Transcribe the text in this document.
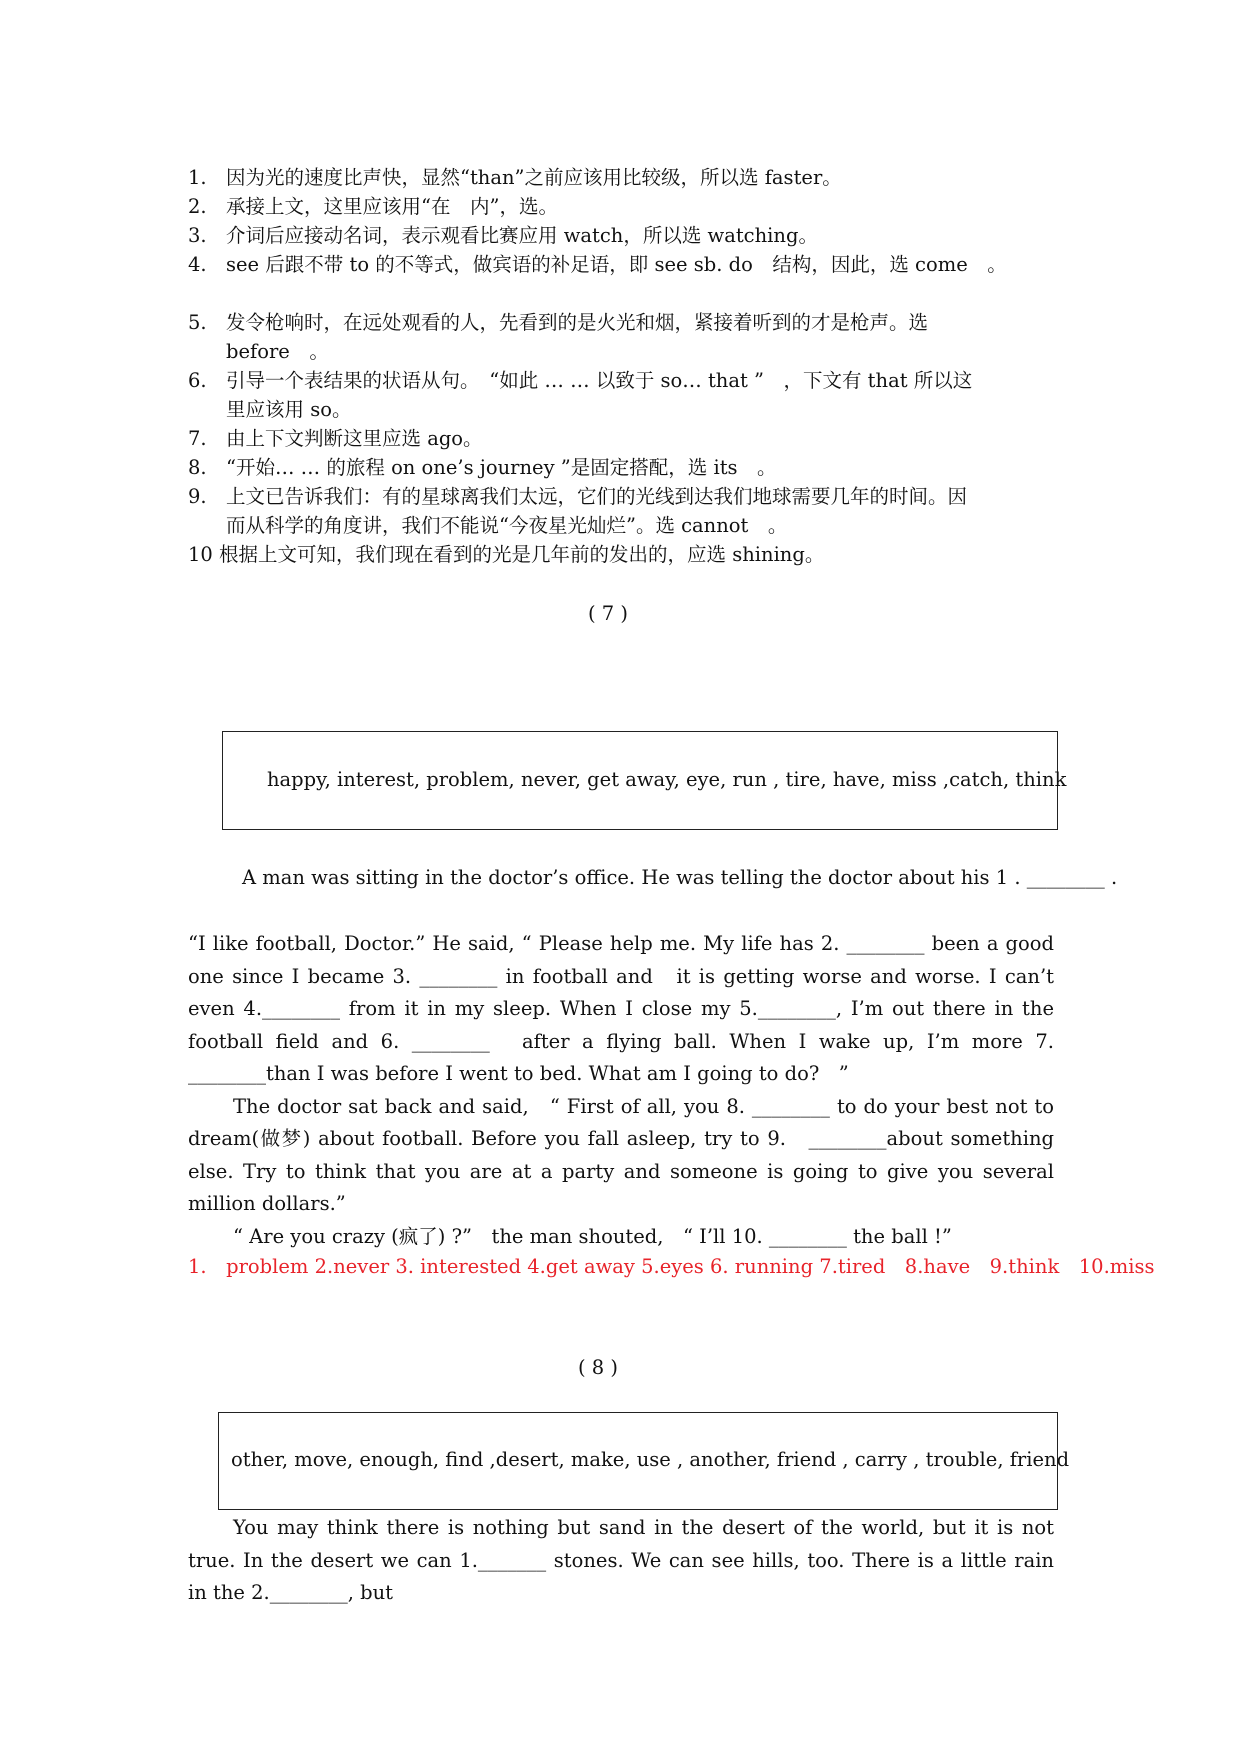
1. 因为光的速度比声快，显然“than”之前应该用比较级，所以选 faster。
2. 承接上文，这里应该用“在　内”，选。
3. 介词后应接动名词，表示观看比赛应用 watch，所以选 watching。
4. see 后跟不带 to 的不等式，做宾语的补足语，即 see sb. do　结构，因此，选 come　。
5. 发令枪响时，在远处观看的人，先看到的是火光和烟，紧接着听到的才是枪声。选
before　。
6. 引导一个表结果的状语从句。　“如此 … … 以致于 so… that ”　，下文有 that 所以这
里应该用 so。
7. 由上下文判断这里应选 ago。
8. “开始… … 的旅程 on one’s journey ”是固定搭配，选 its　。
9. 上文已告诉我们：有的星球离我们太远，它们的光线到达我们地球需要几年的时间。因
而从科学的角度讲，我们不能说“今夜星光灿烂”。选 cannot　。
10 根据上文可知，我们现在看到的光是几年前的发出的，应选 shining。
( 7 )
happy, interest, problem, never, get away, eye, run , tire, have, miss ,catch, think
A man was sitting in the doctor’s office. He was telling the doctor about his 1 . ________ .

“I like football, Doctor.” He said, “ Please help me. My life has 2. ________ been a good one since I became 3. ________ in football and　it is getting worse and worse. I can’t even 4.________ from it in my sleep. When I close my 5.________, I’m out there in the football field and 6. ________　after a flying ball. When I wake up, I’m more 7. ________than I was before I went to bed. What am I going to do?　”

The doctor sat back and said,　“ First of all, you 8. ________ to do your best not to dream(做梦) about football. Before you fall asleep, try to 9.　________about something else. Try to think that you are at a party and someone is going to give you several million dollars.”

“ Are you crazy (疯了) ?”　the man shouted,　“ I’ll 10. ________ the ball !”

1.　problem 2.never 3. interested 4.get away 5.eyes 6. running 7.tired　8.have　9.think　10.miss
( 8 )
other, move, enough, find ,desert, make, use , another, friend , carry , trouble, friend

You may think there is nothing but sand in the desert of the world, but it is not true. In the desert we can 1._______ stones. We can see hills, too. There is a little rain in the 2.________, but
